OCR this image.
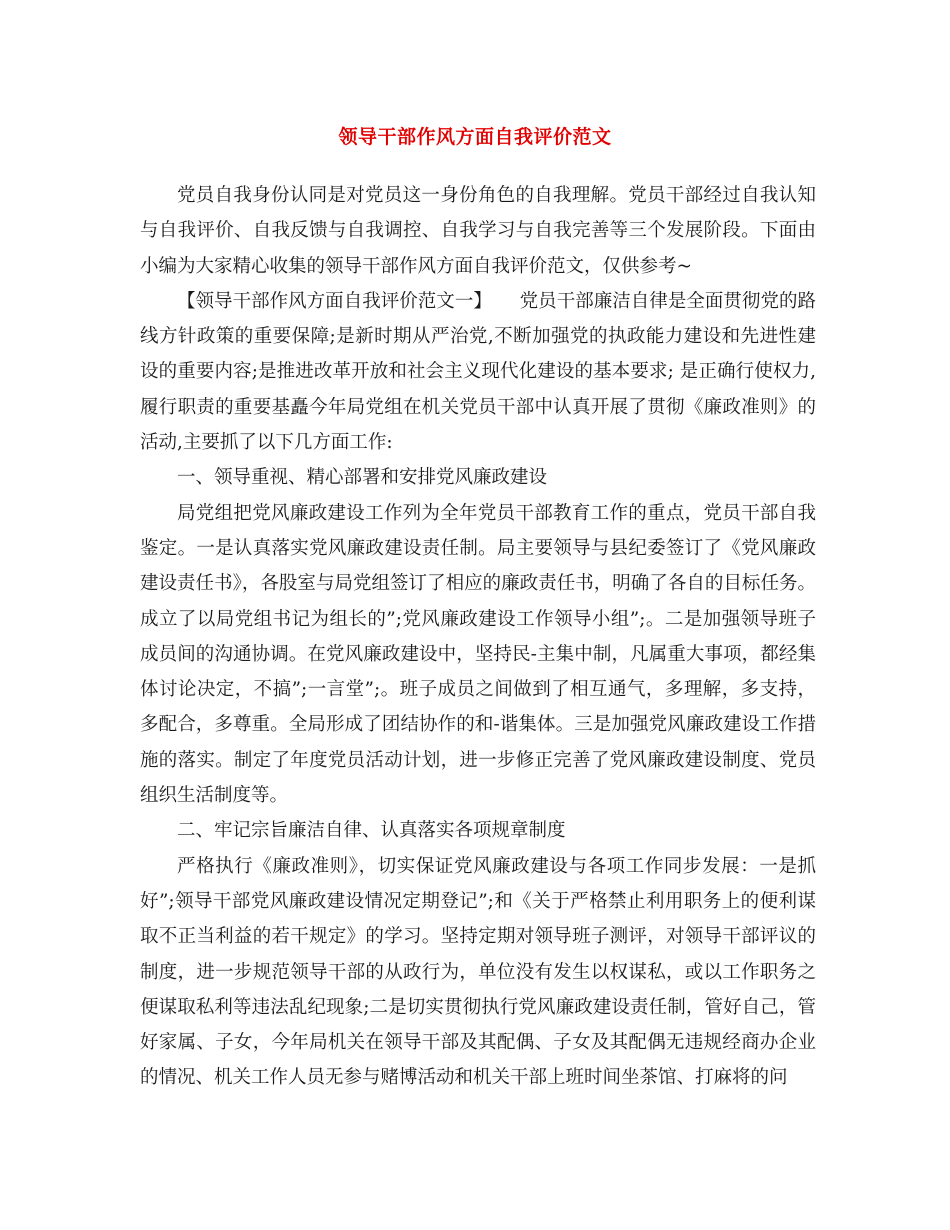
领导干部作风方面自我评价范文

党员自我身份认同是对党员这一身份角色的自我理解。党员干部经过自我认知与自我评价、自我反馈与自我调控、自我学习与自我完善等三个发展阶段。下面由小编为大家精心收集的领导干部作风方面自我评价范文，仅供参考~

【领导干部作风方面自我评价范文一】　　党员干部廉洁自律是全面贯彻党的路线方针政策的重要保障;是新时期从严治党,不断加强党的执政能力建设和先进性建设的重要内容;是推进改革开放和社会主义现代化建设的基本要求; 是正确行使权力,履行职责的重要基矗今年局党组在机关党员干部中认真开展了贯彻《廉政准则》的活动,主要抓了以下几方面工作:

一、领导重视、精心部署和安排党风廉政建设

局党组把党风廉政建设工作列为全年党员干部教育工作的重点，党员干部自我鉴定。一是认真落实党风廉政建设责任制。局主要领导与县纪委签订了《党风廉政建设责任书》，各股室与局党组签订了相应的廉政责任书，明确了各自的目标任务。成立了以局党组书记为组长的”;党风廉政建设工作领导小组”;。二是加强领导班子成员间的沟通协调。在党风廉政建设中，坚持民-主集中制，凡属重大事项，都经集体讨论决定，不搞”;一言堂”;。班子成员之间做到了相互通气，多理解，多支持，多配合，多尊重。全局形成了团结协作的和-谐集体。三是加强党风廉政建设工作措施的落实。制定了年度党员活动计划，进一步修正完善了党风廉政建设制度、党员组织生活制度等。

二、牢记宗旨廉洁自律、认真落实各项规章制度

严格执行《廉政准则》，切实保证党风廉政建设与各项工作同步发展：一是抓好”;领导干部党风廉政建设情况定期登记”;和《关于严格禁止利用职务上的便利谋取不正当利益的若干规定》的学习。坚持定期对领导班子测评，对领导干部评议的制度，进一步规范领导干部的从政行为，单位没有发生以权谋私，或以工作职务之便谋取私利等违法乱纪现象;二是切实贯彻执行党风廉政建设责任制，管好自己，管好家属、子女，今年局机关在领导干部及其配偶、子女及其配偶无违规经商办企业的情况、机关工作人员无参与赌博活动和机关干部上班时间坐茶馆、打麻将的问
